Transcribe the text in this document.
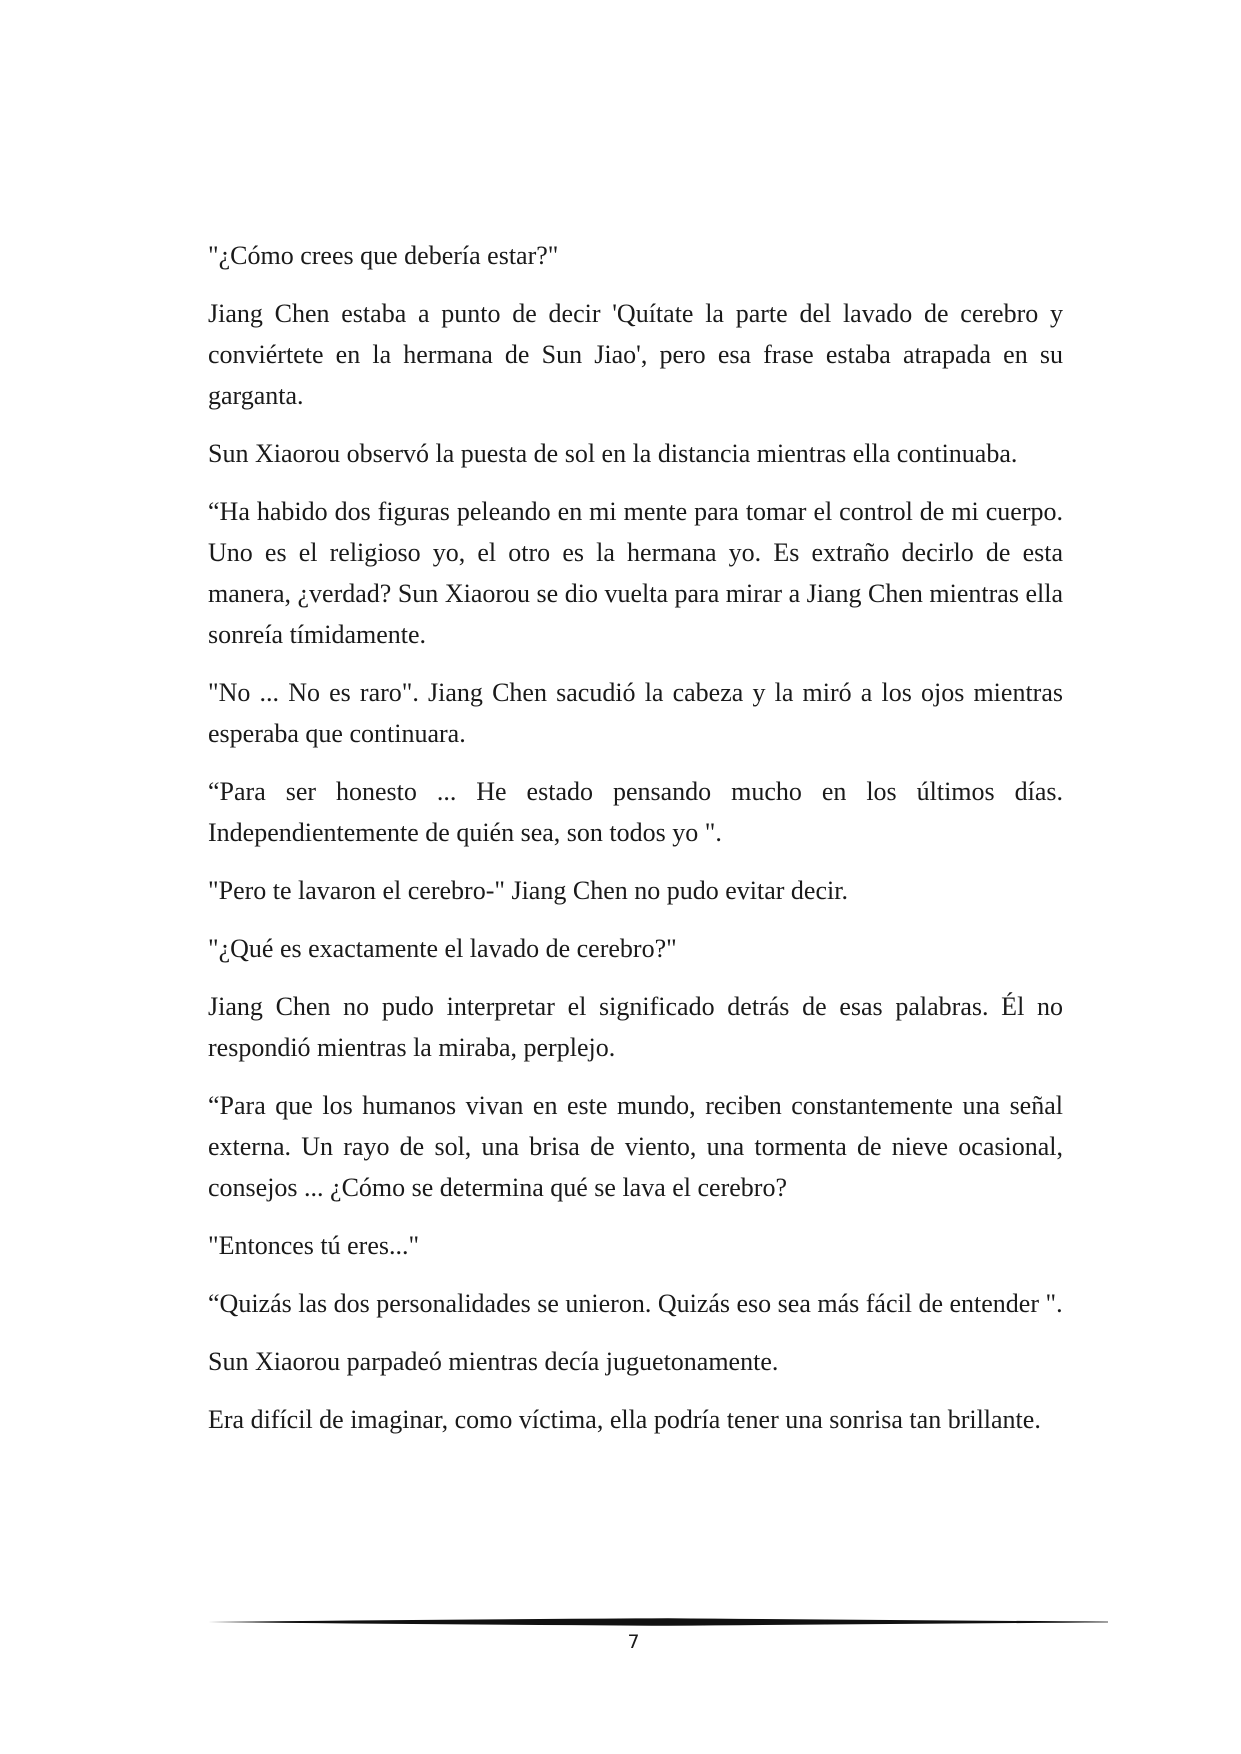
"¿Cómo crees que debería estar?"

Jiang Chen estaba a punto de decir 'Quítate la parte del lavado de cerebro y conviértete en la hermana de Sun Jiao', pero esa frase estaba atrapada en su garganta.

Sun Xiaorou observó la puesta de sol en la distancia mientras ella continuaba.

“Ha habido dos figuras peleando en mi mente para tomar el control de mi cuerpo. Uno es el religioso yo, el otro es la hermana yo. Es extraño decirlo de esta manera, ¿verdad? Sun Xiaorou se dio vuelta para mirar a Jiang Chen mientras ella sonreía tímidamente.

"No ... No es raro". Jiang Chen sacudió la cabeza y la miró a los ojos mientras esperaba que continuara.

“Para ser honesto ... He estado pensando mucho en los últimos días. Independientemente de quién sea, son todos yo ".

"Pero te lavaron el cerebro-" Jiang Chen no pudo evitar decir.

"¿Qué es exactamente el lavado de cerebro?"

Jiang Chen no pudo interpretar el significado detrás de esas palabras. Él no respondió mientras la miraba, perplejo.

“Para que los humanos vivan en este mundo, reciben constantemente una señal externa. Un rayo de sol, una brisa de viento, una tormenta de nieve ocasional, consejos ... ¿Cómo se determina qué se lava el cerebro?

"Entonces tú eres..."

“Quizás las dos personalidades se unieron. Quizás eso sea más fácil de entender ".

Sun Xiaorou parpadeó mientras decía juguetonamente.

Era difícil de imaginar, como víctima, ella podría tener una sonrisa tan brillante.

7
